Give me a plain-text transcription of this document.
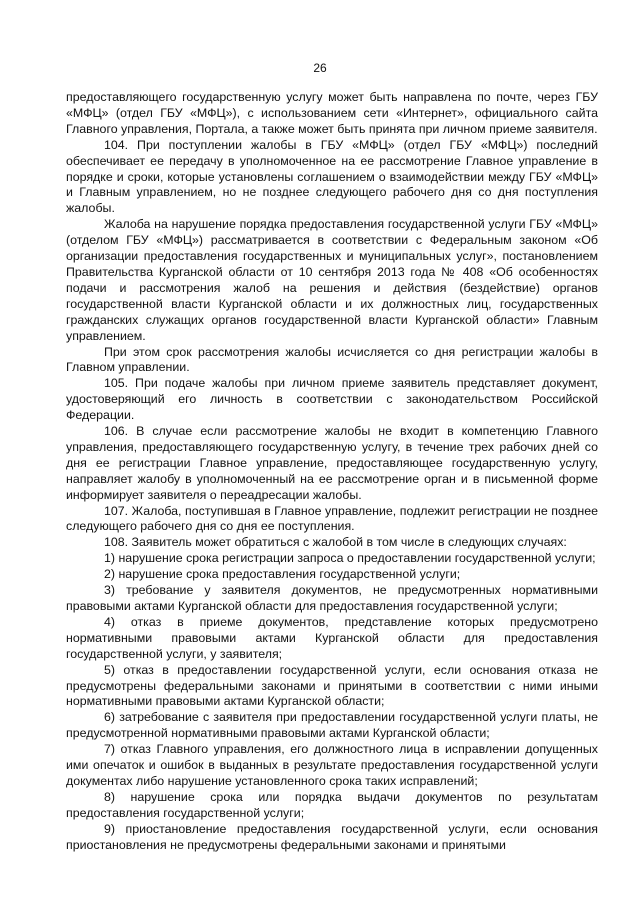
26

предоставляющего государственную услугу может быть направлена по почте, через ГБУ «МФЦ» (отдел ГБУ «МФЦ»), с использованием сети «Интернет», официального сайта Главного управления, Портала, а также может быть принята при личном приеме заявителя.

104. При поступлении жалобы в ГБУ «МФЦ» (отдел ГБУ «МФЦ») последний обеспечивает ее передачу в уполномоченное на ее рассмотрение Главное управление в порядке и сроки, которые установлены соглашением о взаимодействии между ГБУ «МФЦ» и Главным управлением, но не позднее следующего рабочего дня со дня поступления жалобы.

Жалоба на нарушение порядка предоставления государственной услуги ГБУ «МФЦ» (отделом ГБУ «МФЦ») рассматривается в соответствии с Федеральным законом «Об организации предоставления государственных и муниципальных услуг», постановлением Правительства Курганской области от 10 сентября 2013 года № 408 «Об особенностях подачи и рассмотрения жалоб на решения и действия (бездействие) органов государственной власти Курганской области и их должностных лиц, государственных гражданских служащих органов государственной власти Курганской области» Главным управлением.

При этом срок рассмотрения жалобы исчисляется со дня регистрации жалобы в Главном управлении.

105. При подаче жалобы при личном приеме заявитель представляет документ, удостоверяющий его личность в соответствии с законодательством Российской Федерации.

106. В случае если рассмотрение жалобы не входит в компетенцию Главного управления, предоставляющего государственную услугу, в течение трех рабочих дней со дня ее регистрации Главное управление, предоставляющее государственную услугу, направляет жалобу в уполномоченный на ее рассмотрение орган и в письменной форме информирует заявителя о переадресации жалобы.

107. Жалоба, поступившая в Главное управление, подлежит регистрации не позднее следующего рабочего дня со дня ее поступления.

108. Заявитель может обратиться с жалобой в том числе в следующих случаях:

1) нарушение срока регистрации запроса о предоставлении государственной услуги;

2) нарушение срока предоставления государственной услуги;

3) требование у заявителя документов, не предусмотренных нормативными правовыми актами Курганской области для предоставления государственной услуги;

4) отказ в приеме документов, представление которых предусмотрено нормативными правовыми актами Курганской области для предоставления государственной услуги, у заявителя;

5) отказ в предоставлении государственной услуги, если основания отказа не предусмотрены федеральными законами и принятыми в соответствии с ними иными нормативными правовыми актами Курганской области;

6) затребование с заявителя при предоставлении государственной услуги платы, не предусмотренной нормативными правовыми актами Курганской области;

7) отказ Главного управления, его должностного лица в исправлении допущенных ими опечаток и ошибок в выданных в результате предоставления государственной услуги документах либо нарушение установленного срока таких исправлений;

8) нарушение срока или порядка выдачи документов по результатам предоставления государственной услуги;

9) приостановление предоставления государственной услуги, если основания приостановления не предусмотрены федеральными законами и принятыми
